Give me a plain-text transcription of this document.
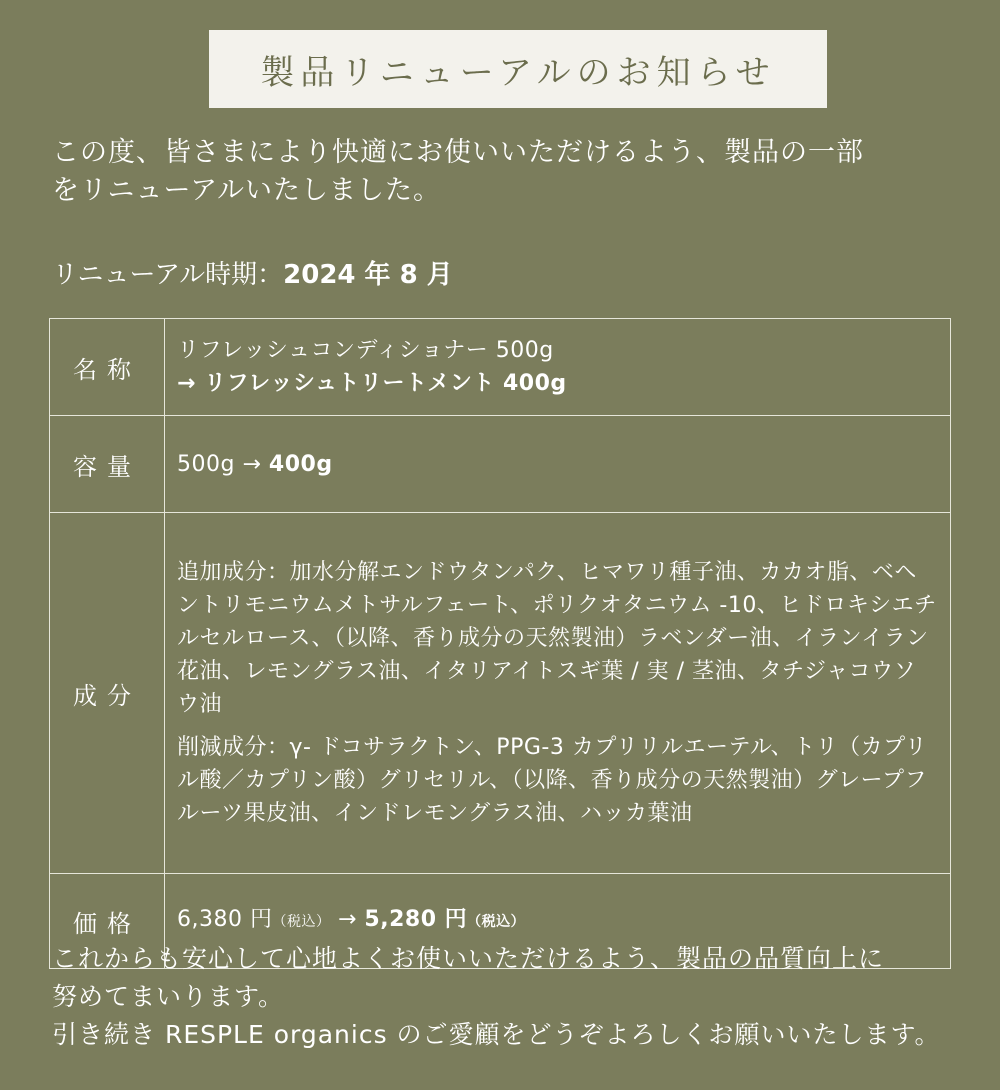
製品リニューアルのお知らせ

この度、皆さまにより快適にお使いいただけるよう、製品の一部

をリニューアルいたしました。

リニューアル時期：2024 年 8 月
名称	リフレッシュコンディショナー 500g

→ リフレッシュトリートメント 400g

容量	500g → 400g
成分	追加成分：加水分解エンドウタンパク、ヒマワリ種子油、カカオ脂、ベヘントリモニウムメトサルフェート、ポリクオタニウム -10、ヒドロキシエチルセルロース、（以降、香り成分の天然製油）ラベンダー油、イランイラン花油、レモングラス油、イタリアイトスギ葉 / 実 / 茎油、タチジャコウソウ油

削減成分：γ- ドコサラクトン、PPG-3 カプリリルエーテル、トリ（カプリル酸／カプリン酸）グリセリル、（以降、香り成分の天然製油）グレープフルーツ果皮油、インドレモングラス油、ハッカ葉油

価格	6,380 円（税込） → 5,280 円（税込）

これからも安心して心地よくお使いいただけるよう、製品の品質向上に

努めてまいります。

引き続き RESPLE organics のご愛顧をどうぞよろしくお願いいたします。
